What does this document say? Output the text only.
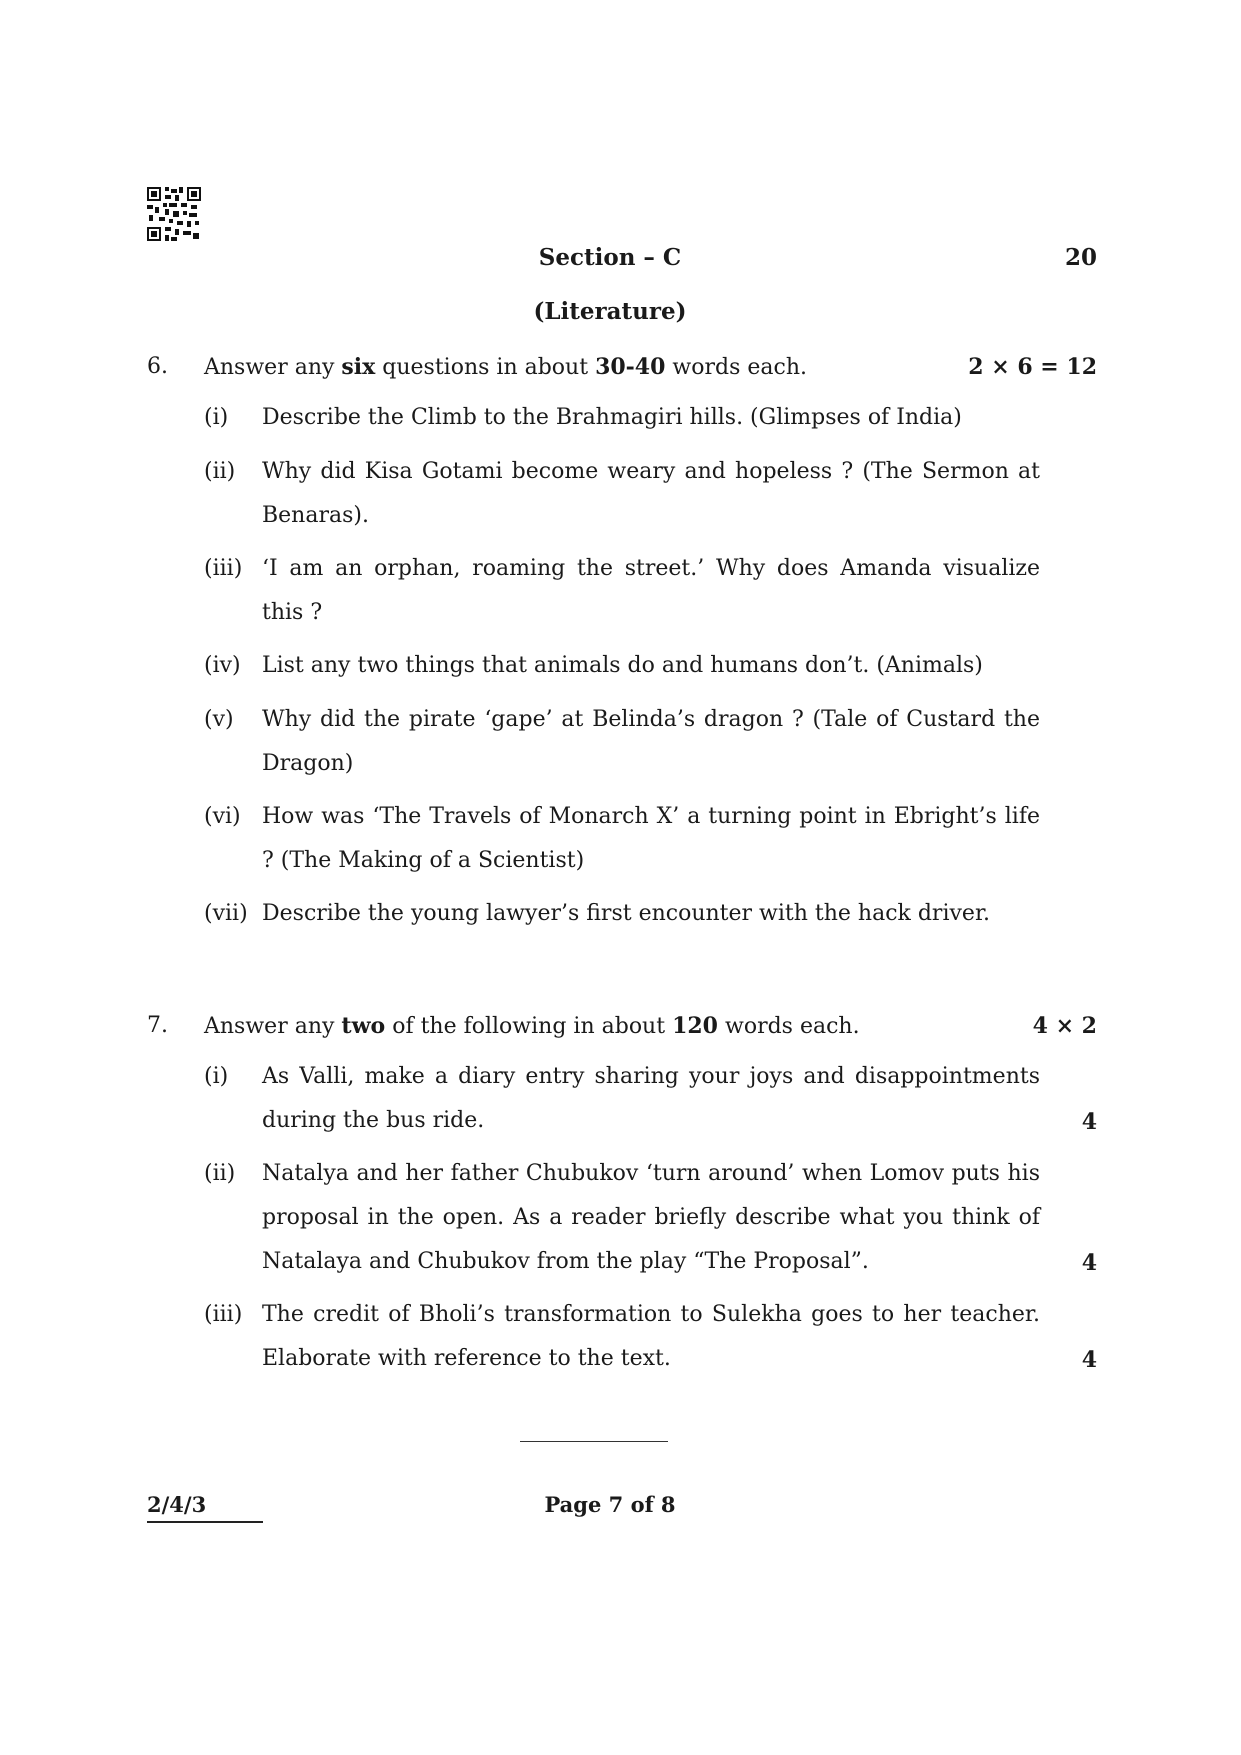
Section – C	20
(Literature)
6. Answer any six questions in about 30-40 words each.	2 × 6 = 12
(i) Describe the Climb to the Brahmagiri hills. (Glimpses of India)
(ii) Why did Kisa Gotami become weary and hopeless ? (The Sermon at Benaras).
(iii) ‘I am an orphan, roaming the street.’ Why does Amanda visualize this ?
(iv) List any two things that animals do and humans don’t. (Animals)
(v) Why did the pirate ‘gape’ at Belinda’s dragon ? (Tale of Custard the Dragon)
(vi) How was ‘The Travels of Monarch X’ a turning point in Ebright’s life ? (The Making of a Scientist)
(vii) Describe the young lawyer’s first encounter with the hack driver.
7. Answer any two of the following in about 120 words each.	4 × 2
(i) As Valli, make a diary entry sharing your joys and disappointments during the bus ride.	4
(ii) Natalya and her father Chubukov ‘turn around’ when Lomov puts his proposal in the open. As a reader briefly describe what you think of Natalaya and Chubukov from the play “The Proposal”.	4
(iii) The credit of Bholi’s transformation to Sulekha goes to her teacher. Elaborate with reference to the text.	4
2/4/3	Page 7 of 8
